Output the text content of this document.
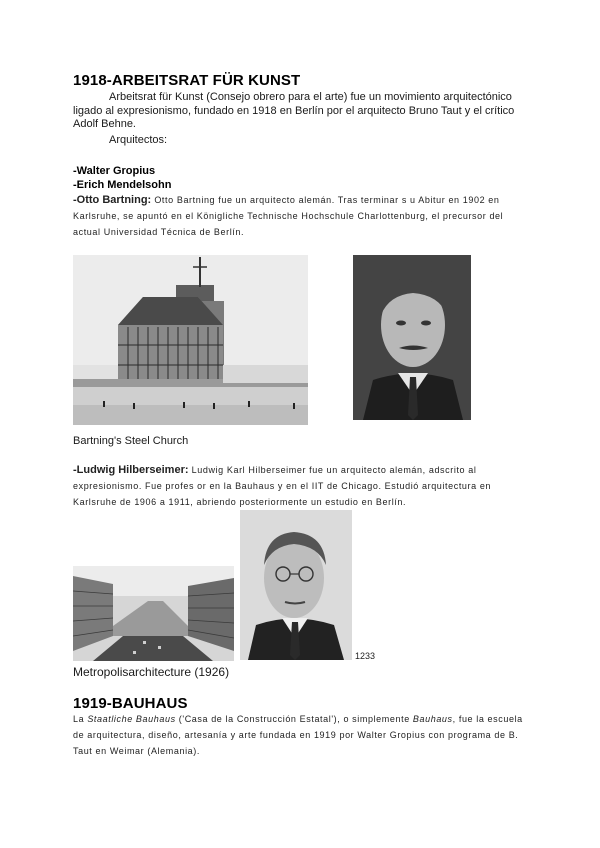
1918-ARBEITSRAT FÜR KUNST
Arbeitsrat für Kunst (Consejo obrero para el arte) fue un movimiento arquitectónico ligado al expresionismo, fundado en 1918 en Berlín por el arquitecto Bruno Taut y el crítico Adolf Behne.
Arquitectos:
-Walter Gropius
-Erich Mendelsohn
-Otto Bartning: Otto Bartning fue un arquitecto alemán. Tras terminar s u Abitur en 1902 en Karlsruhe, se apuntó en el Königliche Technische Hochschule Charlottenburg, el precursor del actual Universidad Técnica de Berlín.
Bartning's Steel Church
-Ludwig Hilberseimer: Ludwig Karl Hilberseimer fue un arquitecto alemán, adscrito al expresionismo. Fue profes or en la Bauhaus y en el IIT de Chicago. Estudió arquitectura en Karlsruhe de 1906 a 1911, abriendo posteriormente un estudio en Berlín.
1233
Metropolisarchitecture (1926)
1919-BAUHAUS
La Staatliche Bauhaus ('Casa de la Construcción Estatal'), o simplemente Bauhaus, fue la escuela de arquitectura, diseño, artesanía y arte fundada en 1919 por Walter Gropius con programa de B. Taut en Weimar (Alemania).
